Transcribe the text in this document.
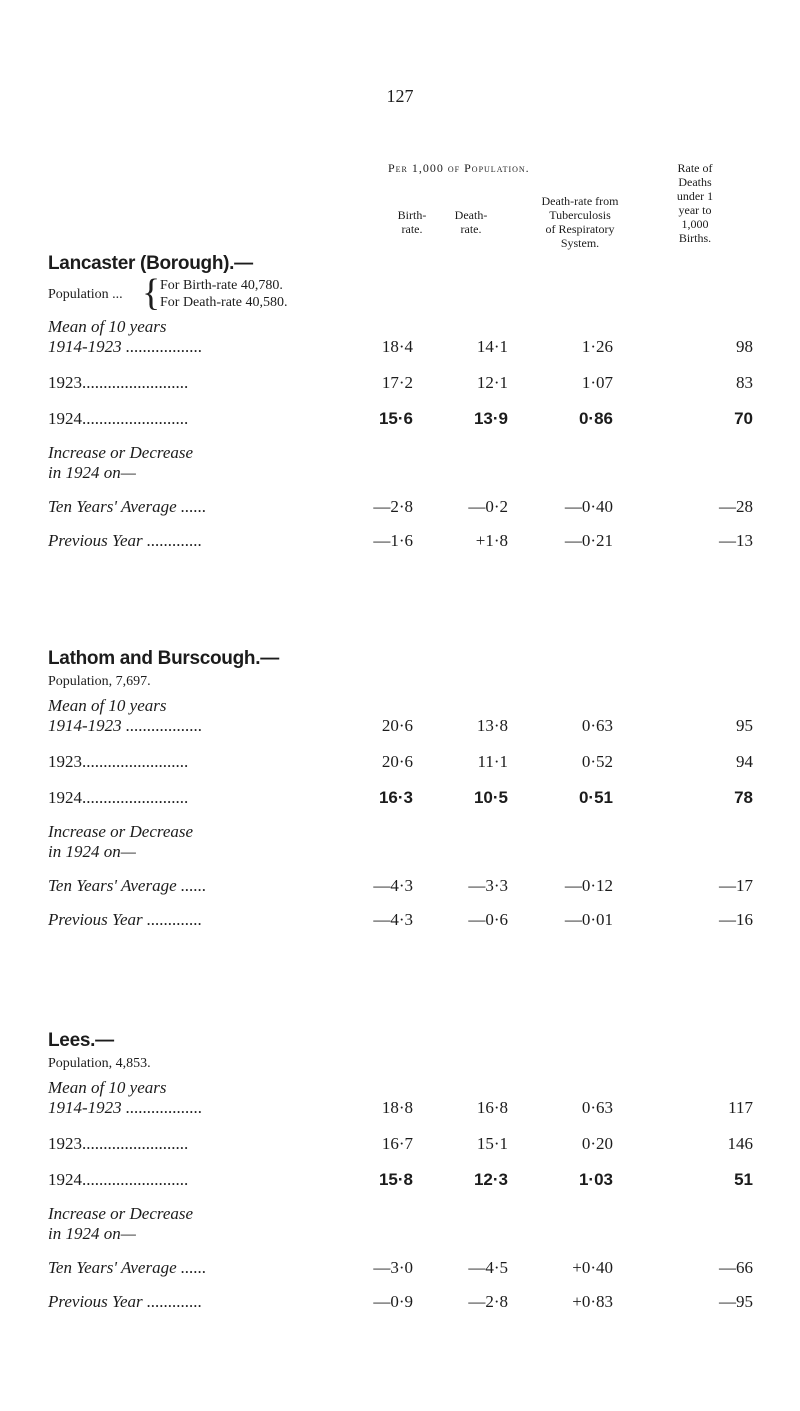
127
Per 1,000 of Population.
Birth-
rate.
Death-
rate.
Death-rate from
Tuberculosis
of Respiratory
System.
Rate of
Deaths
under 1
year to
1,000
Births.
Lancaster (Borough).—
Population ... { For Birth-rate 40,780.
For Death-rate 40,580.
Mean of 10 years
1914-1923 ..................	18·4	14·1	1·26	98
1923.........................	17·2	12·1	1·07	83
1924.........................	15·6	13·9	0·86	70
Increase or Decrease
in 1924 on—
Ten Years' Average ......	—2·8	—0·2	—0·40	—28
Previous Year .............	—1·6	+1·8	—0·21	—13
Lathom and Burscough.—
Population, 7,697.
Mean of 10 years
1914-1923 ..................	20·6	13·8	0·63	95
1923.........................	20·6	11·1	0·52	94
1924.........................	16·3	10·5	0·51	78
Increase or Decrease
in 1924 on—
Ten Years' Average ......	—4·3	—3·3	—0·12	—17
Previous Year .............	—4·3	—0·6	—0·01	—16
Lees.—
Population, 4,853.
Mean of 10 years
1914-1923 ..................	18·8	16·8	0·63	117
1923.........................	16·7	15·1	0·20	146
1924.........................	15·8	12·3	1·03	51
Increase or Decrease
in 1924 on—
Ten Years' Average ......	—3·0	—4·5	+0·40	—66
Previous Year .............	—0·9	—2·8	+0·83	—95
